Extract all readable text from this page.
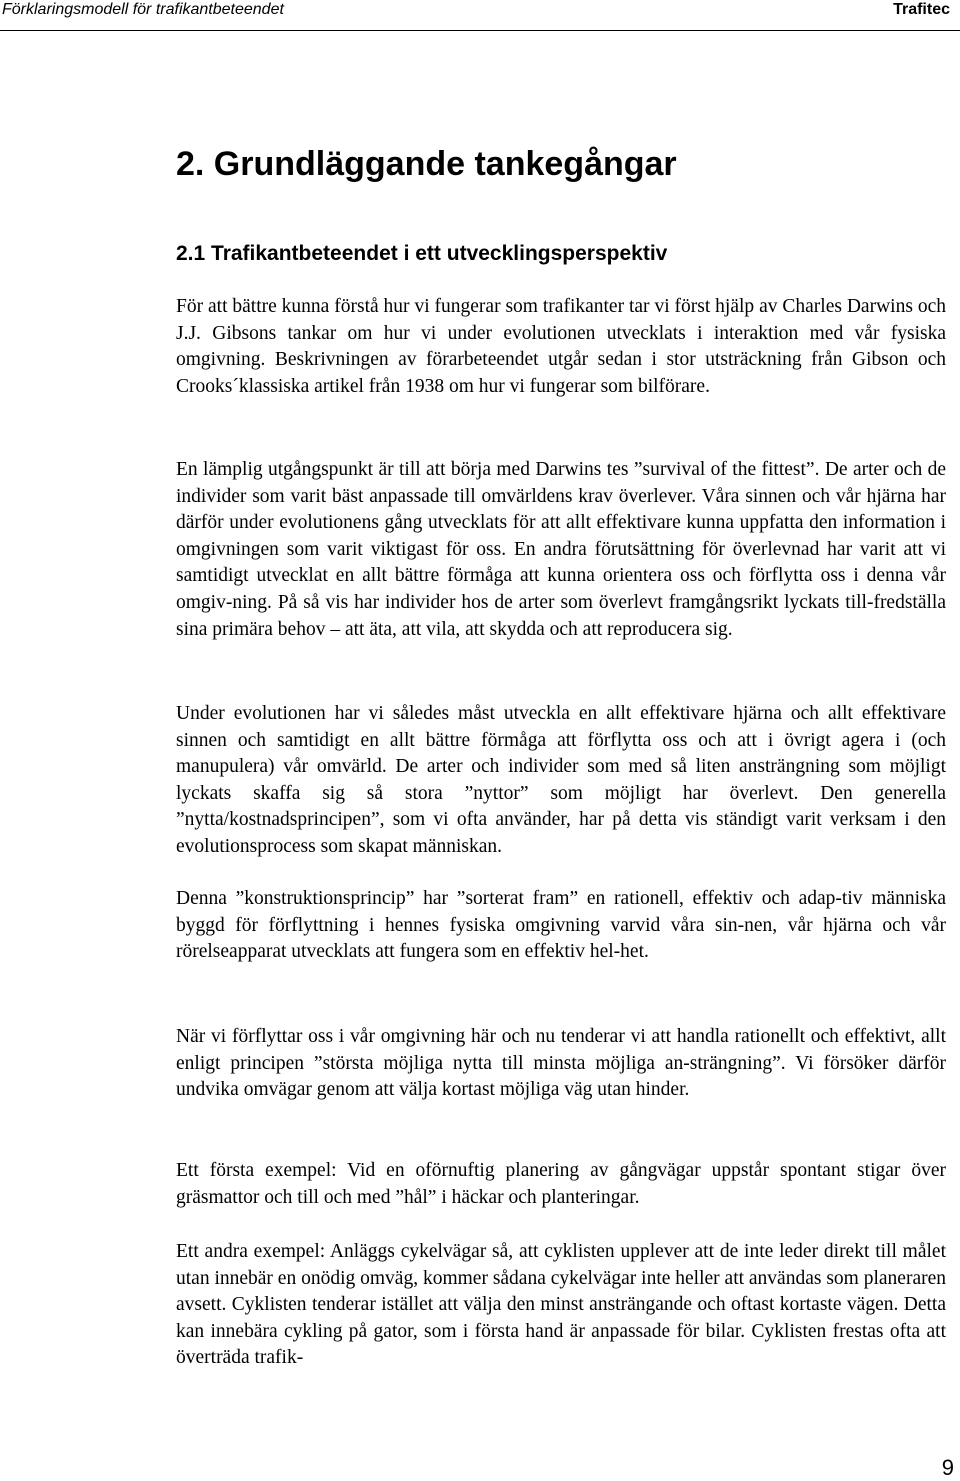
Förklaringsmodell för trafikantbeteendet	Trafitec
2. Grundläggande tankegångar
2.1 Trafikantbeteendet i ett utvecklingsperspektiv

För att bättre kunna förstå hur vi fungerar som trafikanter tar vi först hjälp av Charles Darwins och J.J. Gibsons tankar om hur vi under evolutionen utvecklats i interaktion med vår fysiska omgivning. Beskrivningen av förarbeteendet utgår sedan i stor utsträckning från Gibson och Crooks´klassiska artikel från 1938 om hur vi fungerar som bilförare.

En lämplig utgångspunkt är till att börja med Darwins tes ”survival of the fittest”. De arter och de individer som varit bäst anpassade till omvärldens krav överlever. Våra sinnen och vår hjärna har därför under evolutionens gång utvecklats för att allt effektivare kunna uppfatta den information i omgivningen som varit viktigast för oss. En andra förutsättning för överlevnad har varit att vi samtidigt utvecklat en allt bättre förmåga att kunna orientera oss och förflytta oss i denna vår omgiv-ning. På så vis har individer hos de arter som överlevt framgångsrikt lyckats till-fredställa sina primära behov – att äta, att vila, att skydda och att reproducera sig.

Under evolutionen har vi således måst utveckla en allt effektivare hjärna och allt effektivare sinnen och samtidigt en allt bättre förmåga att förflytta oss och att i övrigt agera i (och manupulera) vår omvärld. De arter och individer som med så liten ansträngning som möjligt lyckats skaffa sig så stora ”nyttor” som möjligt har överlevt. Den generella ”nytta/kostnadsprincipen”, som vi ofta använder, har på detta vis ständigt varit verksam i den evolutionsprocess som skapat människan.

Denna ”konstruktionsprincip” har ”sorterat fram” en rationell, effektiv och adap-tiv människa byggd för förflyttning i hennes fysiska omgivning varvid våra sin-nen, vår hjärna och vår rörelseapparat utvecklats att fungera som en effektiv hel-het.

När vi förflyttar oss i vår omgivning här och nu tenderar vi att handla rationellt och effektivt, allt enligt principen ”största möjliga nytta till minsta möjliga an-strängning”. Vi försöker därför undvika omvägar genom att välja kortast möjliga väg utan hinder.

Ett första exempel: Vid en oförnuftig planering av gångvägar uppstår spontant stigar över gräsmattor och till och med ”hål” i häckar och planteringar.

Ett andra exempel: Anläggs cykelvägar så, att cyklisten upplever att de inte leder direkt till målet utan innebär en onödig omväg, kommer sådana cykelvägar inte heller att användas som planeraren avsett. Cyklisten tenderar istället att välja den minst ansträngande och oftast kortaste vägen. Detta kan innebära cykling på gator, som i första hand är anpassade för bilar. Cyklisten frestas ofta att överträda trafik-

9
